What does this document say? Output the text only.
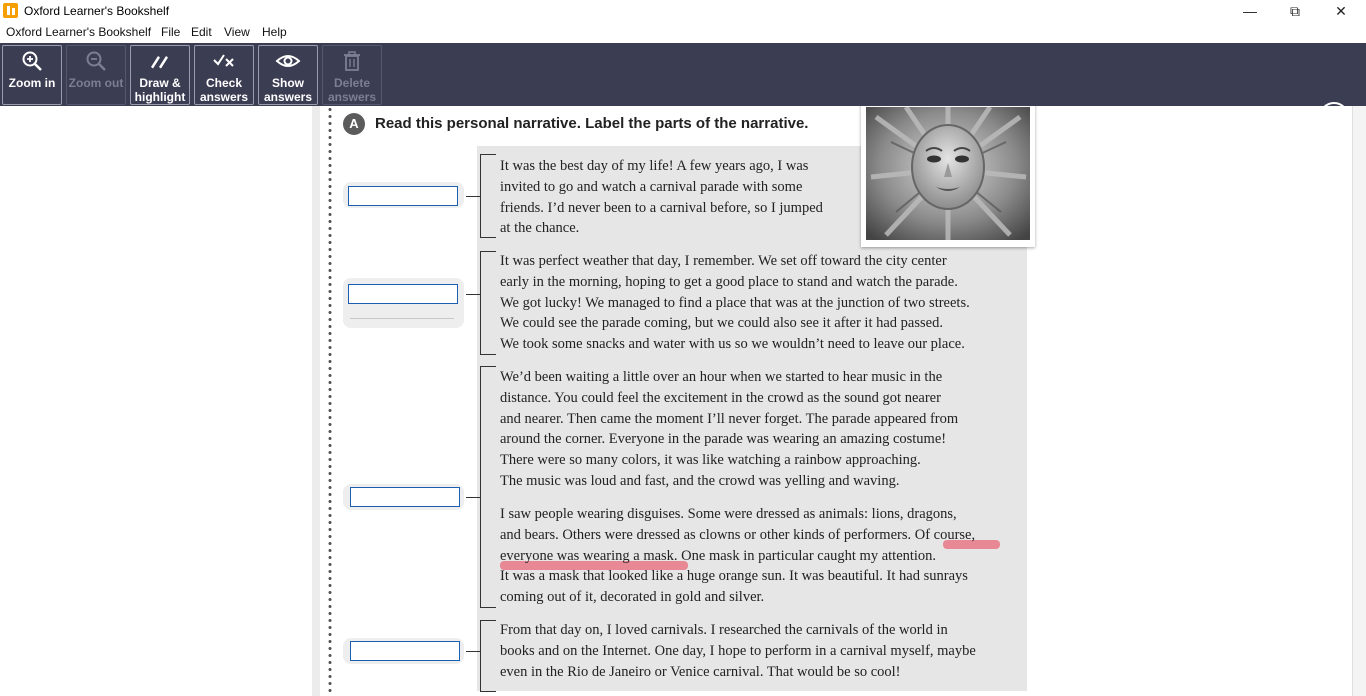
Oxford Learner's Bookshelf	—	⧉	✕
Oxford Learner's Bookshelf File Edit View Help
Zoom in	Zoom out	Draw &
highlight
Check
answers
Show
answers
Delete
answers
A	Read this personal narrative. Label the parts of the narrative.
It was the best day of my life! A few years ago, I was
invited to go and watch a carnival parade with some
friends. I’d never been to a carnival before, so I jumped
at the chance.
It was perfect weather that day, I remember. We set off toward the city center
early in the morning, hoping to get a good place to stand and watch the parade.
We got lucky! We managed to find a place that was at the junction of two streets.
We could see the parade coming, but we could also see it after it had passed.
We took some snacks and water with us so we wouldn’t need to leave our place.
We’d been waiting a little over an hour when we started to hear music in the
distance. You could feel the excitement in the crowd as the sound got nearer
and nearer. Then came the moment I’ll never forget. The parade appeared from
around the corner. Everyone in the parade was wearing an amazing costume!
There were so many colors, it was like watching a rainbow approaching.
The music was loud and fast, and the crowd was yelling and waving.
I saw people wearing disguises. Some were dressed as animals: lions, dragons,
and bears. Others were dressed as clowns or other kinds of performers. Of course,
everyone was wearing a mask. One mask in particular caught my attention.
It was a mask that looked like a huge orange sun. It was beautiful. It had sunrays
coming out of it, decorated in gold and silver.
From that day on, I loved carnivals. I researched the carnivals of the world in
books and on the Internet. One day, I hope to perform in a carnival myself, maybe
even in the Rio de Janeiro or Venice carnival. That would be so cool!
